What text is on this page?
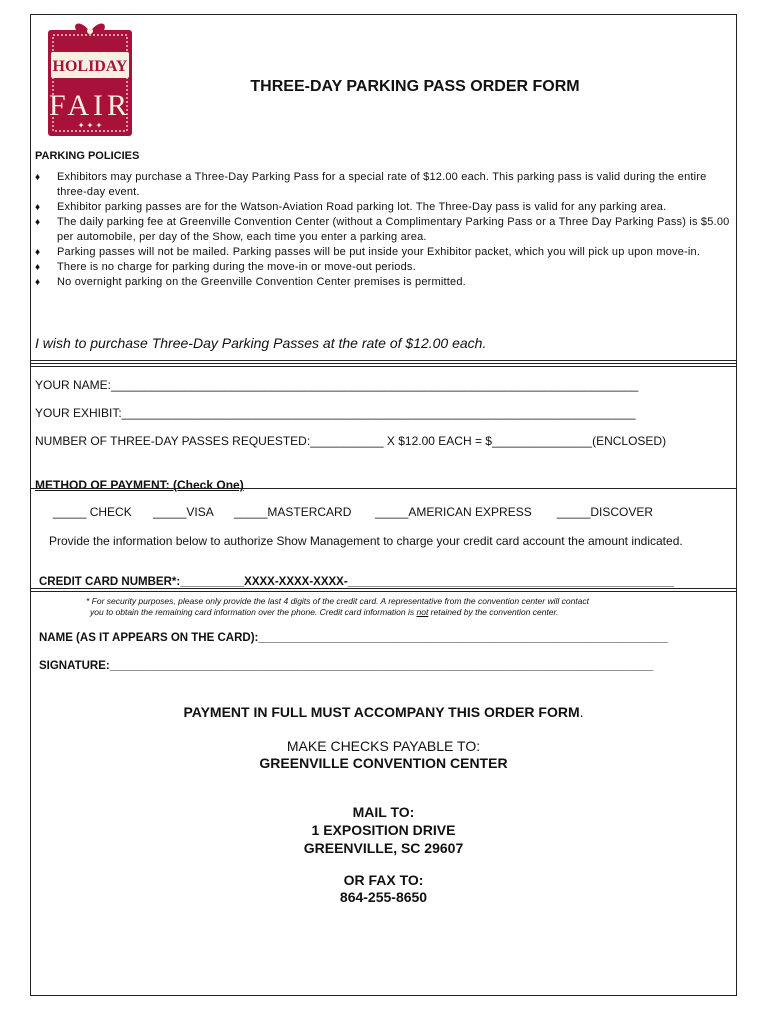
HOLIDAY
FAIR
✦ ✦ ✦
THREE-DAY PARKING PASS ORDER FORM
PARKING POLICIES
♦ Exhibitors may purchase a Three-Day Parking Pass for a special rate of $12.00 each. This parking pass is valid during the entire three-day event.
♦ Exhibitor parking passes are for the Watson-Aviation Road parking lot. The Three-Day pass is valid for any parking area.
♦ The daily parking fee at Greenville Convention Center (without a Complimentary Parking Pass or a Three Day Parking Pass) is $5.00 per automobile, per day of the Show, each time you enter a parking area.
♦ Parking passes will not be mailed. Parking passes will be put inside your Exhibitor packet, which you will pick up upon move-in.
♦ There is no charge for parking during the move-in or move-out periods.
♦ No overnight parking on the Greenville Convention Center premises is permitted.
I wish to purchase Three-Day Parking Passes at the rate of $12.00 each.
YOUR NAME:_______________________________________________________________________________
YOUR EXHIBIT:_____________________________________________________________________________
NUMBER OF THREE-DAY PASSES REQUESTED:___________ X $12.00 EACH = $_______________(ENCLOSED)
METHOD OF PAYMENT: (Check One)
_____ CHECK _____VISA _____MASTERCARD _____AMERICAN EXPRESS _____DISCOVER
Provide the information below to authorize Show Management to charge your credit card account the amount indicated.
CREDIT CARD NUMBER*:__________XXXX-XXXX-XXXX-___________________________________________________
* For security purposes, please only provide the last 4 digits of the credit card. A representative from the convention center will contact
you to obtain the remaining card information over the phone. Credit card information is not retained by the convention center.
NAME (AS IT APPEARS ON THE CARD):________________________________________________________________
SIGNATURE:_____________________________________________________________________________________
PAYMENT IN FULL MUST ACCOMPANY THIS ORDER FORM.
MAKE CHECKS PAYABLE TO:
GREENVILLE CONVENTION CENTER
MAIL TO:
1 EXPOSITION DRIVE
GREENVILLE, SC 29607
OR FAX TO:
864-255-8650
